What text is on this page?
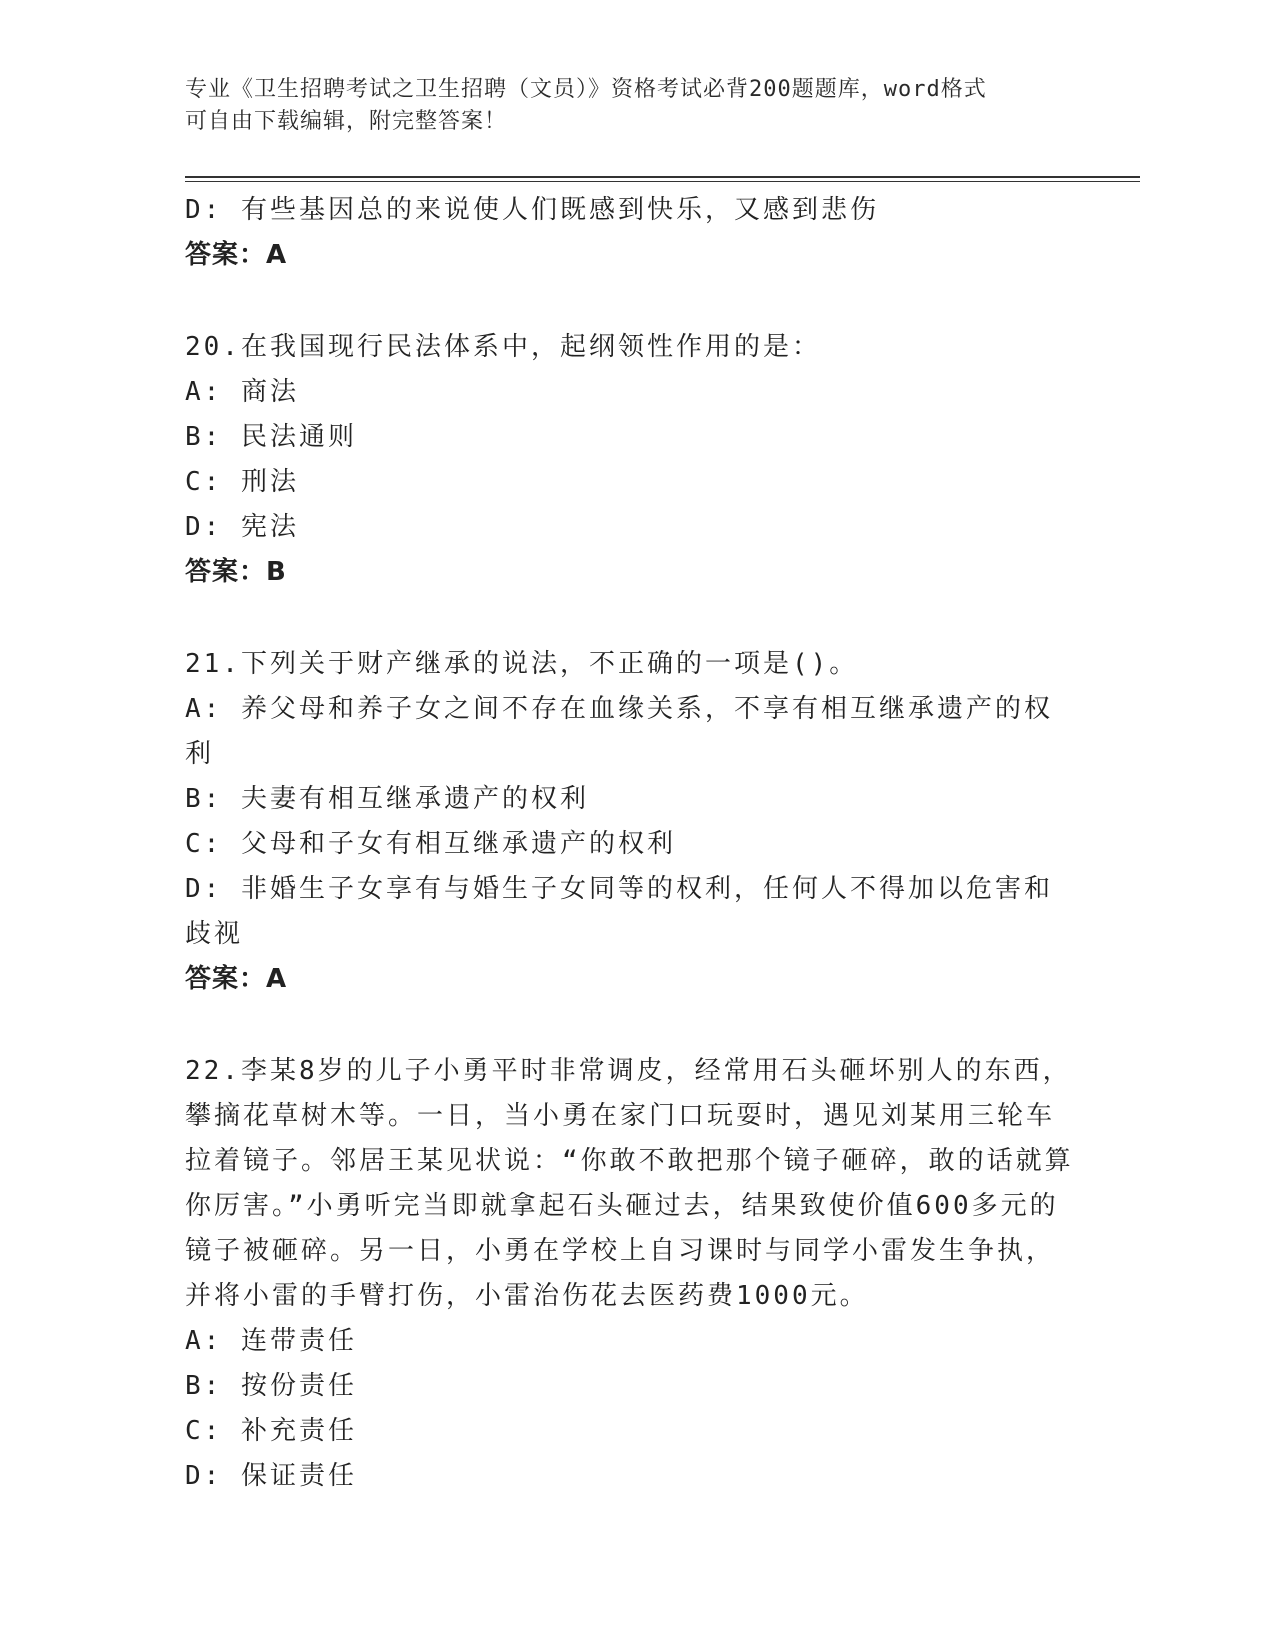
专业《卫生招聘考试之卫生招聘（文员）》资格考试必背200题题库，word格式
可自由下载编辑，附完整答案！
D: 有些基因总的来说使人们既感到快乐，又感到悲伤
答案：A
20.在我国现行民法体系中，起纲领性作用的是：
A: 商法
B: 民法通则
C: 刑法
D: 宪法
答案：B
21.下列关于财产继承的说法，不正确的一项是()。
A: 养父母和养子女之间不存在血缘关系，不享有相互继承遗产的权利
B: 夫妻有相互继承遗产的权利
C: 父母和子女有相互继承遗产的权利
D: 非婚生子女享有与婚生子女同等的权利，任何人不得加以危害和歧视
答案：A
22.李某8岁的儿子小勇平时非常调皮，经常用石头砸坏别人的东西，攀摘花草树木等。一日，当小勇在家门口玩耍时，遇见刘某用三轮车拉着镜子。邻居王某见状说：“你敢不敢把那个镜子砸碎，敢的话就算你厉害。”小勇听完当即就拿起石头砸过去，结果致使价值600多元的镜子被砸碎。另一日，小勇在学校上自习课时与同学小雷发生争执，并将小雷的手臂打伤，小雷治伤花去医药费1000元。
A: 连带责任
B: 按份责任
C: 补充责任
D: 保证责任
